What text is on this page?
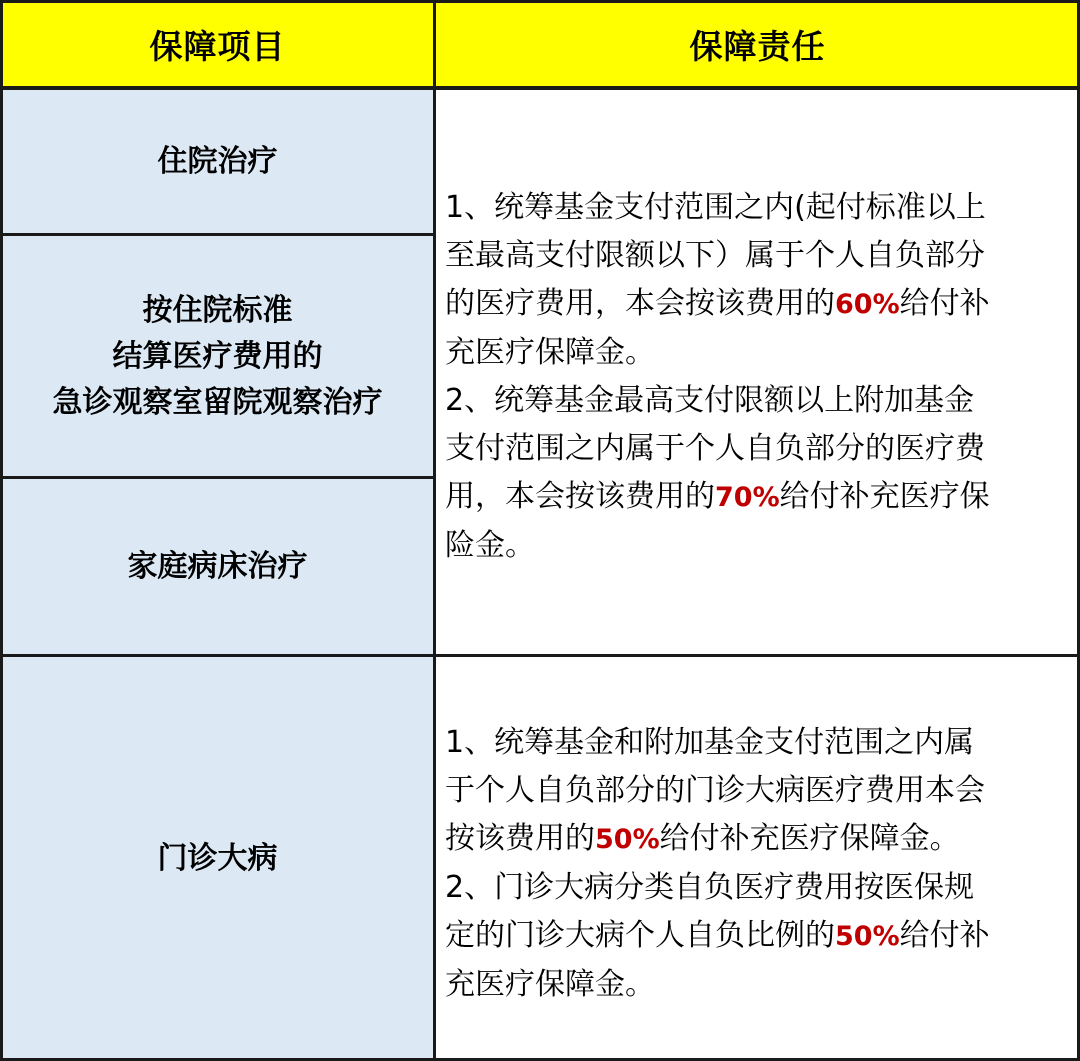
保障项目	保障责任
住院治疗
按住院标准
结算医疗费用的
急诊观察室留院观察治疗
家庭病床治疗
门诊大病
1、统筹基金支付范围之内(起付标准以上
至最高支付限额以下）属于个人自负部分
的医疗费用，本会按该费用的60%给付补
充医疗保障金。
2、统筹基金最高支付限额以上附加基金
支付范围之内属于个人自负部分的医疗费
用，本会按该费用的70%给付补充医疗保
险金。
1、统筹基金和附加基金支付范围之内属
于个人自负部分的门诊大病医疗费用本会
按该费用的50%给付补充医疗保障金。
2、门诊大病分类自负医疗费用按医保规
定的门诊大病个人自负比例的50%给付补
充医疗保障金。
